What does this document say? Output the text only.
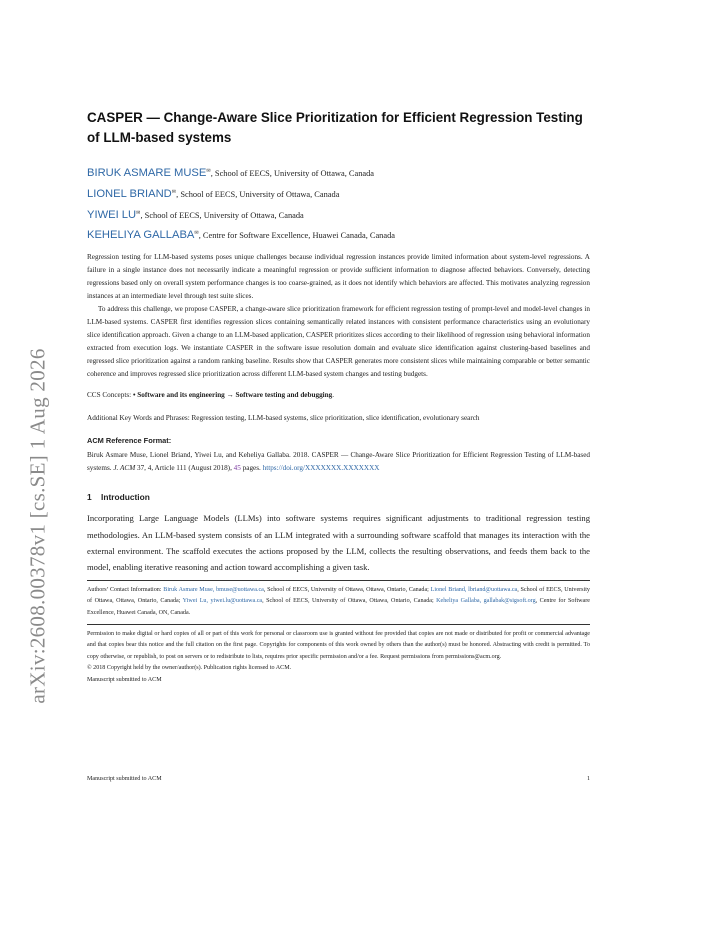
arXiv:2608.00378v1 [cs.SE] 1 Aug 2026
CASPER — Change-Aware Slice Prioritization for Efficient Regression Testing of LLM-based systems
BIRUK ASMARE MUSE✉, School of EECS, University of Ottawa, Canada
LIONEL BRIAND✉, School of EECS, University of Ottawa, Canada
YIWEI LU✉, School of EECS, University of Ottawa, Canada
KEHELIYA GALLABA✉, Centre for Software Excellence, Huawei Canada, Canada

Regression testing for LLM-based systems poses unique challenges because individual regression instances provide limited information about system-level regressions. A failure in a single instance does not necessarily indicate a meaningful regression or provide sufficient information to diagnose affected behaviors. Conversely, detecting regressions based only on overall system performance changes is too coarse-grained, as it does not identify which behaviors are affected. This motivates analyzing regression instances at an intermediate level through test suite slices.

To address this challenge, we propose CASPER, a change-aware slice prioritization framework for efficient regression testing of prompt-level and model-level changes in LLM-based systems. CASPER first identifies regression slices containing semantically related instances with consistent performance characteristics using an evolutionary slice identification approach. Given a change to an LLM-based application, CASPER prioritizes slices according to their likelihood of regression using behavioral information extracted from execution logs. We instantiate CASPER in the software issue resolution domain and evaluate slice identification against clustering-based baselines and regressed slice prioritization against a random ranking baseline. Results show that CASPER generates more consistent slices while maintaining comparable or better semantic coherence and improves regressed slice prioritization across different LLM-based system changes and testing budgets.

CCS Concepts: • Software and its engineering → Software testing and debugging.

Additional Key Words and Phrases: Regression testing, LLM-based systems, slice prioritization, slice identification, evolutionary search

ACM Reference Format:

Biruk Asmare Muse, Lionel Briand, Yiwei Lu, and Keheliya Gallaba. 2018. CASPER — Change-Aware Slice Prioritization for Efficient Regression Testing of LLM-based systems. J. ACM 37, 4, Article 111 (August 2018), 45 pages. https://doi.org/XXXXXXX.XXXXXXX

1 Introduction

Incorporating Large Language Models (LLMs) into software systems requires significant adjustments to traditional regression testing methodologies. An LLM-based system consists of an LLM integrated with a surrounding software scaffold that manages its interaction with the external environment. The scaffold executes the actions proposed by the LLM, collects the resulting observations, and feeds them back to the model, enabling iterative reasoning and action toward accomplishing a given task.

Authors’ Contact Information: Biruk Asmare Muse, bmuse@uottawa.ca, School of EECS, University of Ottawa, Ottawa, Ontario, Canada; Lionel Briand, lbriand@uottawa.ca, School of EECS, University of Ottawa, Ottawa, Ontario, Canada; Yiwei Lu, yiwei.lu@uottawa.ca, School of EECS, University of Ottawa, Ottawa, Ontario, Canada; Keheliya Gallaba, gallabak@sigsoft.org, Centre for Software Excellence, Huawei Canada, ON, Canada.

Permission to make digital or hard copies of all or part of this work for personal or classroom use is granted without fee provided that copies are not made or distributed for profit or commercial advantage and that copies bear this notice and the full citation on the first page. Copyrights for components of this work owned by others than the author(s) must be honored. Abstracting with credit is permitted. To copy otherwise, or republish, to post on servers or to redistribute to lists, requires prior specific permission and/or a fee. Request permissions from permissions@acm.org.
© 2018 Copyright held by the owner/author(s). Publication rights licensed to ACM.
Manuscript submitted to ACM
Manuscript submitted to ACM	1
